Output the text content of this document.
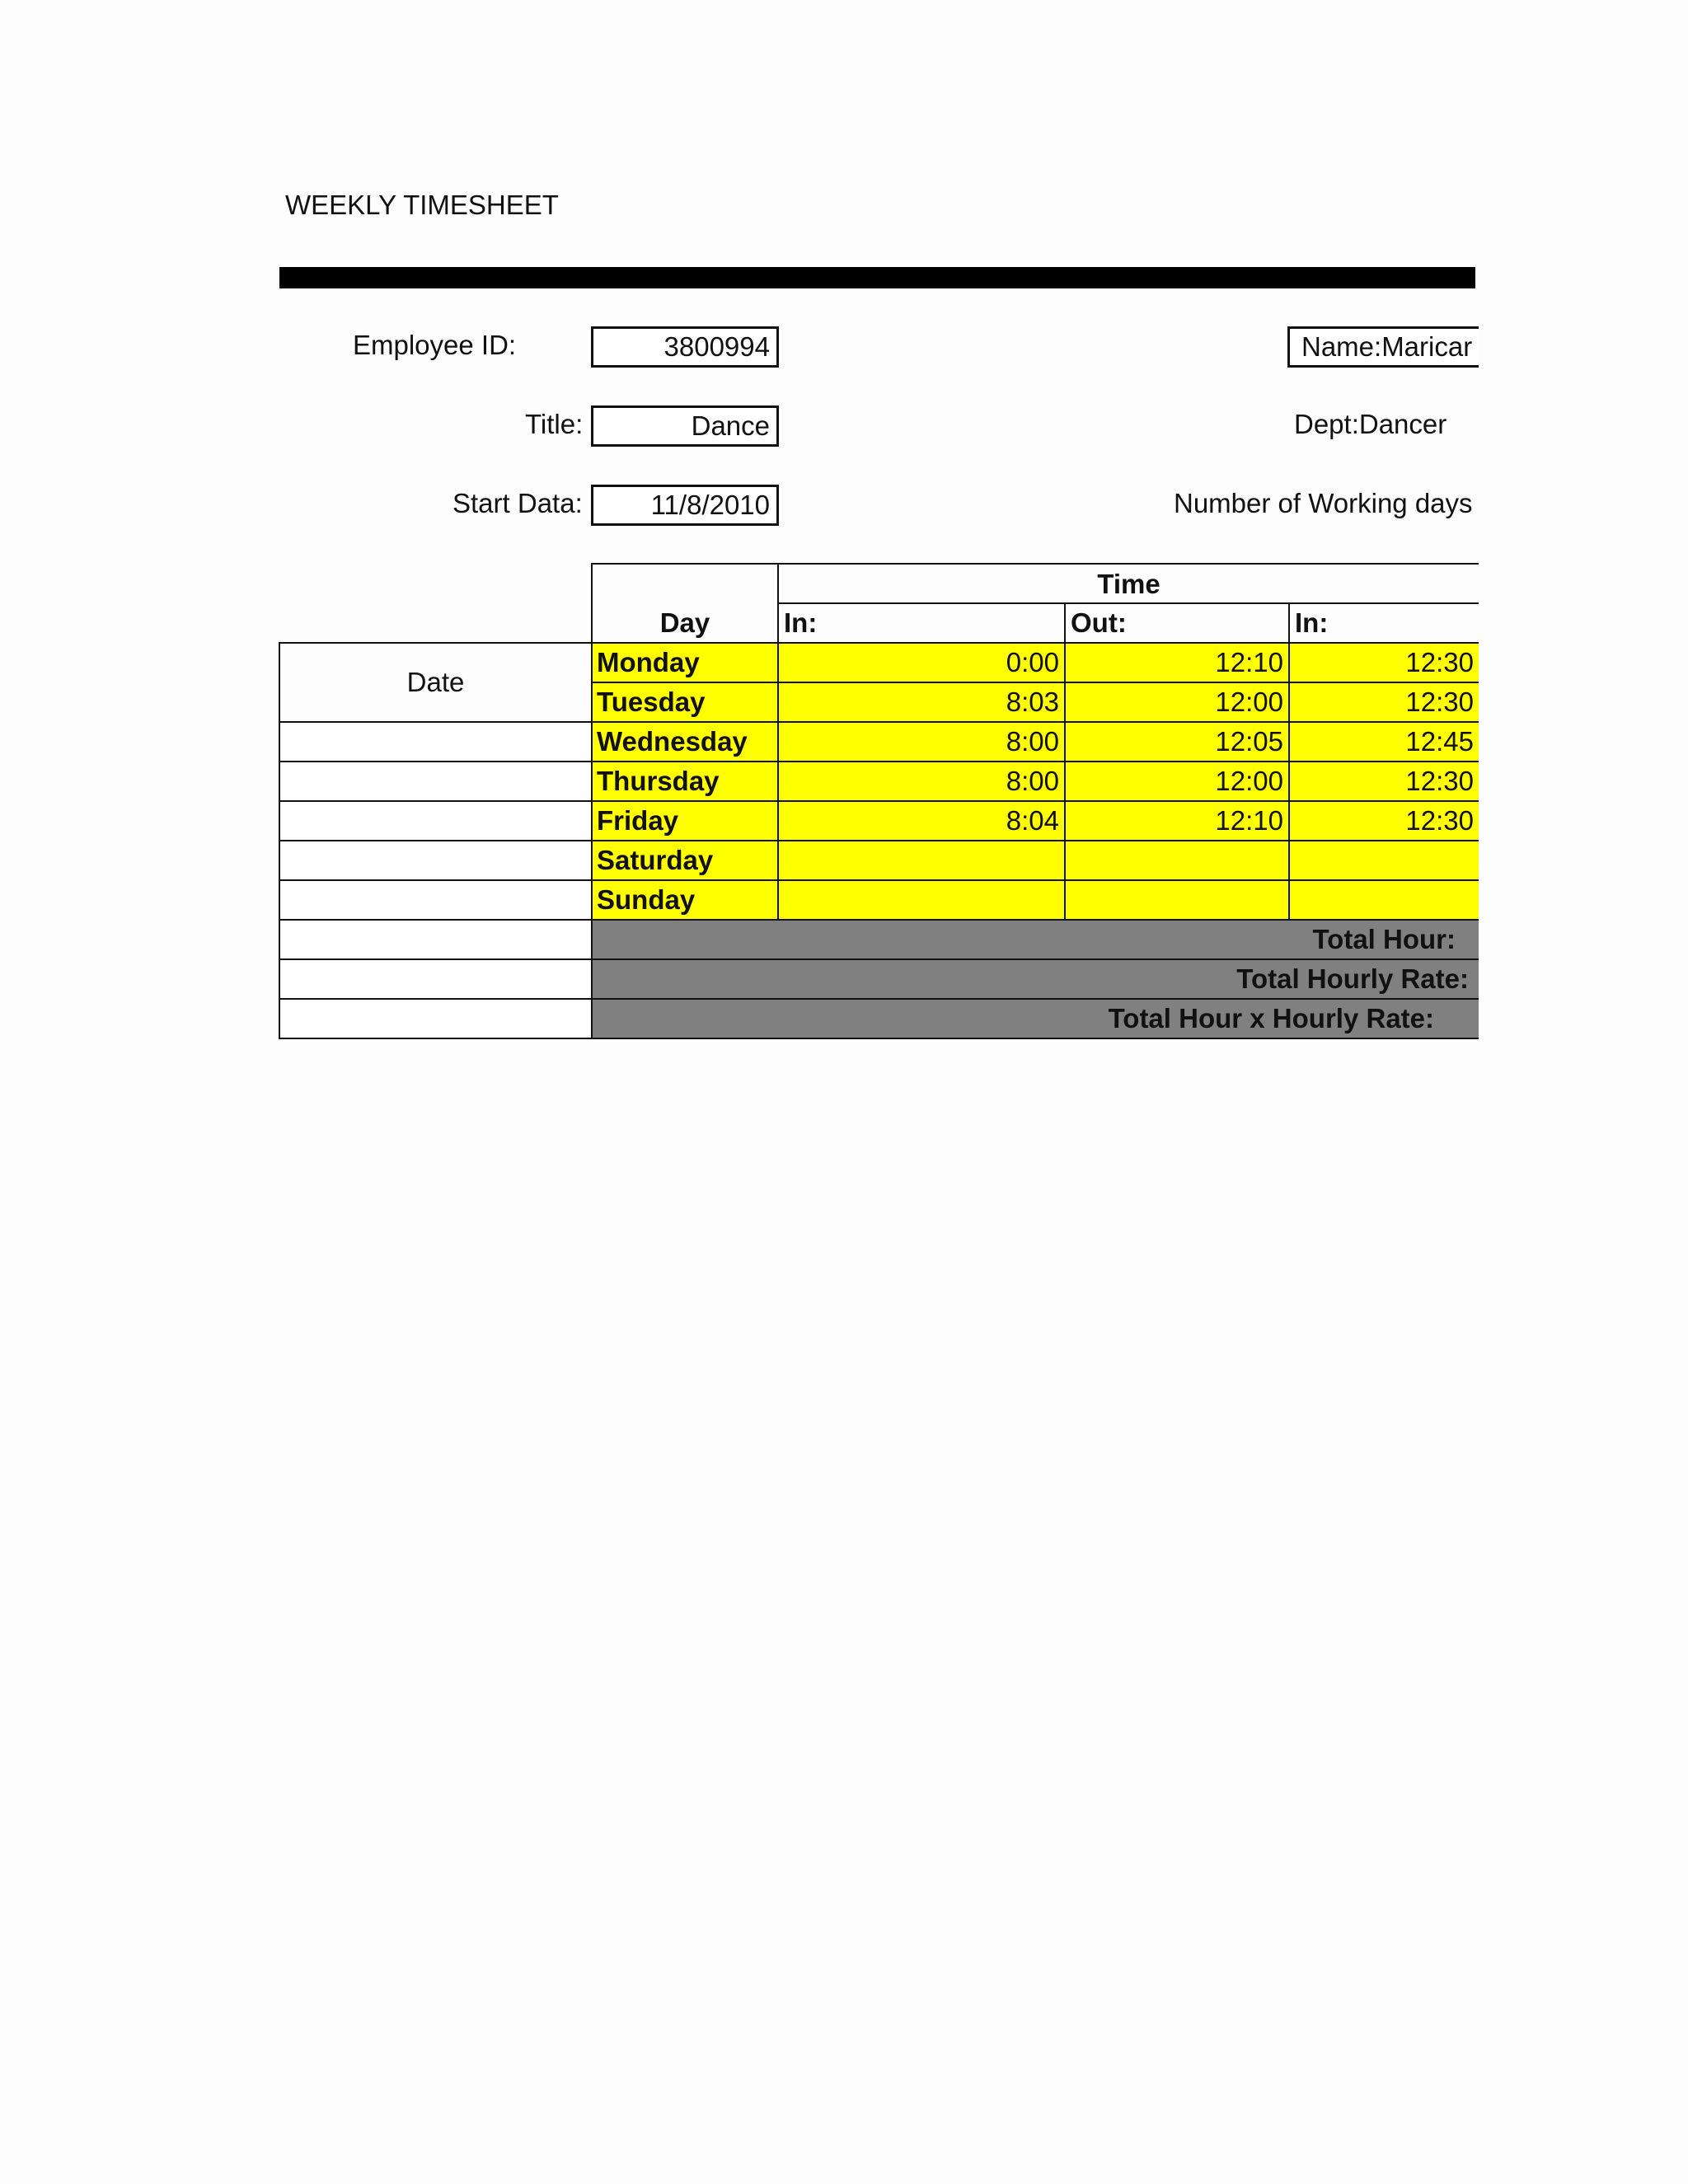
WEEKLY TIMESHEET
Employee ID:	3800994
Title:	Dance
Start Data:	11/8/2010
Name:Maricar
Dept:Dancer
Number of Working days
Time
Day	In:	Out:	In:
Date
Monday	0:00	12:10	12:30
Tuesday	8:03	12:00	12:30
Wednesday	8:00	12:05	12:45
Thursday	8:00	12:00	12:30
Friday	8:04	12:10	12:30
Saturday
Sunday
Total Hour:
Total Hourly Rate:
Total Hour x Hourly Rate:
